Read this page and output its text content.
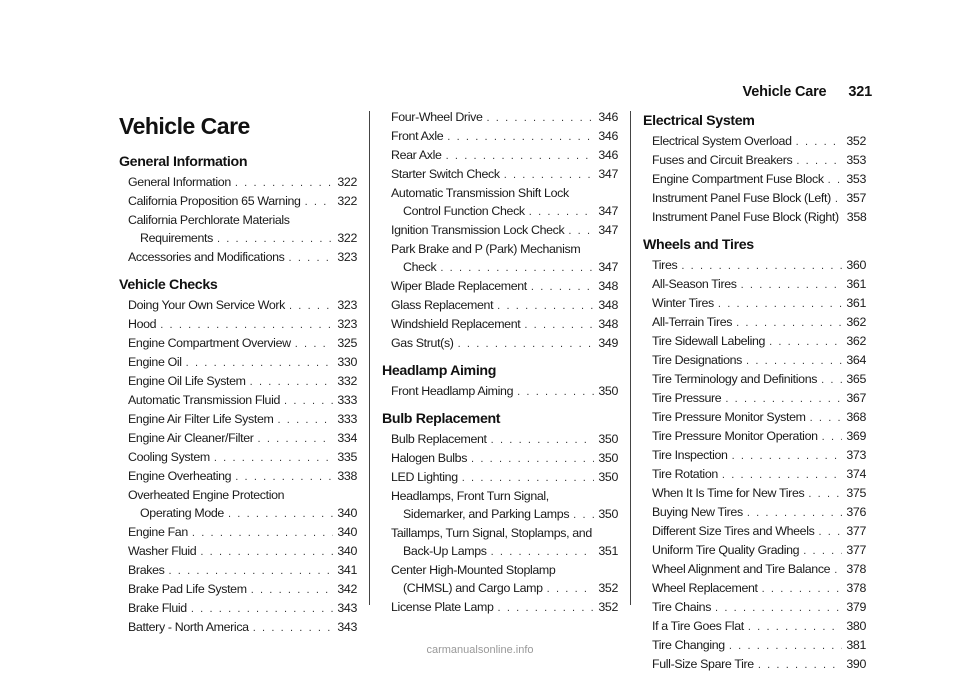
Vehicle Care 321
Vehicle Care
General Information
General Information . . .	322
California Proposition 65 Warning . . .	322
California Perchlorate Materials
Requirements . . .	322
Accessories and Modifications . . .	323
Vehicle Checks
Doing Your Own Service Work . . .	323
Hood . . .	323
Engine Compartment Overview . . .	325
Engine Oil . . .	330
Engine Oil Life System . . .	332
Automatic Transmission Fluid . . .	333
Engine Air Filter Life System . . .	333
Engine Air Cleaner/Filter . . .	334
Cooling System . . .	335
Engine Overheating . . .	338
Overheated Engine Protection
Operating Mode . . .	340
Engine Fan . . .	340
Washer Fluid . . .	340
Brakes . . .	341
Brake Pad Life System . . .	342
Brake Fluid . . .	343
Battery - North America . . .	343
Four-Wheel Drive . . .	346
Front Axle . . .	346
Rear Axle . . .	346
Starter Switch Check . . .	347
Automatic Transmission Shift Lock
Control Function Check . . .	347
Ignition Transmission Lock Check . . .	347
Park Brake and P (Park) Mechanism
Check . . .	347
Wiper Blade Replacement . . .	348
Glass Replacement . . .	348
Windshield Replacement . . .	348
Gas Strut(s) . . .	349
Headlamp Aiming
Front Headlamp Aiming . . .	350
Bulb Replacement
Bulb Replacement . . .	350
Halogen Bulbs . . .	350
LED Lighting . . .	350
Headlamps, Front Turn Signal,
Sidemarker, and Parking Lamps . . . 350
Taillamps, Turn Signal, Stoplamps, and
Back-Up Lamps . . .	351
Center High-Mounted Stoplamp
(CHMSL) and Cargo Lamp . . .	352
License Plate Lamp . . .	352
Electrical System
Electrical System Overload . . .	352
Fuses and Circuit Breakers . . .	353
Engine Compartment Fuse Block . . . 353
Instrument Panel Fuse Block (Left) . . . 357
Instrument Panel Fuse Block (Right) 358
Wheels and Tires
Tires . . .	360
All-Season Tires . . .	361
Winter Tires . . .	361
All-Terrain Tires . . .	362
Tire Sidewall Labeling . . .	362
Tire Designations . . .	364
Tire Terminology and Definitions . . . 365
Tire Pressure . . .	367
Tire Pressure Monitor System . . .	368
Tire Pressure Monitor Operation . . . 369
Tire Inspection . . .	373
Tire Rotation . . .	374
When It Is Time for New Tires . . .	375
Buying New Tires . . .	376
Different Size Tires and Wheels . . .	377
Uniform Tire Quality Grading . . .	377
Wheel Alignment and Tire Balance . . . 378
Wheel Replacement . . .	378
Tire Chains . . .	379
If a Tire Goes Flat . . .	380
Tire Changing . . .	381
Full-Size Spare Tire . . .	390
carmanualsonline.info
